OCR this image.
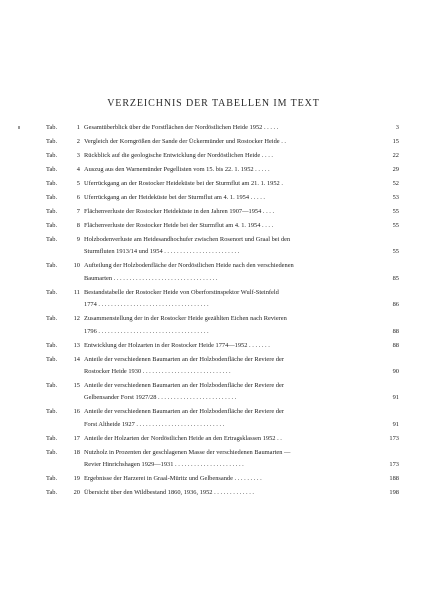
VERZEICHNIS DER TABELLEN IM TEXT
Tab.	1 Gesamtüberblick über die Forstflächen der Nordöstlichen Heide 1952 . . . . .	3
Tab.	2 Vergleich der Korngrößen der Sande der Ückermünder und Rostocker Heide . .	15
Tab.	3 Rückblick auf die geologische Entwicklung der Nordöstlichen Heide . . . .	22
Tab.	4 Auszug aus den Warnemünder Pegellisten vom 15. bis 22. 1. 1952 . . . . .	29
Tab.	5 Uferrückgang an der Rostocker Heideküste bei der Sturmflut am 21. 1. 1952 .	52
Tab.	6 Uferrückgang an der Heideküste bei der Sturmflut am 4. 1. 1954 . . . . .	53
Tab.	7 Flächenverluste der Rostocker Heideküste in den Jahren 1907—1954 . . . .	55
Tab.	8 Flächenverluste der Rostocker Heide bei der Sturmflut am 4. 1. 1954 . . . .	55
Tab.	9 Holzbodenverluste am Heidesandhochufer zwischen Rosenort und Graal bei den
Sturmfluten 1913/14 und 1954 . . . . . . . . . . . . . . . . . . . . . . . .	55
Tab.	10 Aufteilung der Holzbodenfläche der Nordöstlichen Heide nach den verschiedenen
Baumarten . . . . . . . . . . . . . . . . . . . . . . . . . . . . . . . . .	85
Tab.	11 Bestandstabelle der Rostocker Heide von Oberforstinspektor Wulf-Steinfeld
1774 . . . . . . . . . . . . . . . . . . . . . . . . . . . . . . . . . . .	86
Tab.	12 Zusammenstellung der in der Rostocker Heide gezählten Eichen nach Revieren
1796 . . . . . . . . . . . . . . . . . . . . . . . . . . . . . . . . . . .	88
Tab.	13 Entwicklung der Holzarten in der Rostocker Heide 1774—1952 . . . . . . .	88
Tab.	14 Anteile der verschiedenen Baumarten an der Holzbodenfläche der Reviere der
Rostocker Heide 1930 . . . . . . . . . . . . . . . . . . . . . . . . . . . .	90
Tab.	15 Anteile der verschiedenen Baumarten an der Holzbodenfläche der Reviere der
Gelbensander Forst 1927/28 . . . . . . . . . . . . . . . . . . . . . . . . .	91
Tab.	16 Anteile der verschiedenen Baumarten an der Holzbodenfläche der Reviere der
Forst Altheide 1927 . . . . . . . . . . . . . . . . . . . . . . . . . . . .	91
Tab.	17 Anteile der Holzarten der Nordöstlichen Heide an den Ertragsklassen 1952 . .	173
Tab.	18 Nutzholz in Prozenten der geschlagenen Masse der verschiedenen Baumarten —
Revier Hinrichshagen 1929—1931 . . . . . . . . . . . . . . . . . . . . . .	173
Tab.	19 Ergebnisse der Harzerei in Graal-Müritz und Gelbensande . . . . . . . . .	188
Tab.	20 Übersicht über den Wildbestand 1860, 1936, 1952 . . . . . . . . . . . . .	198
